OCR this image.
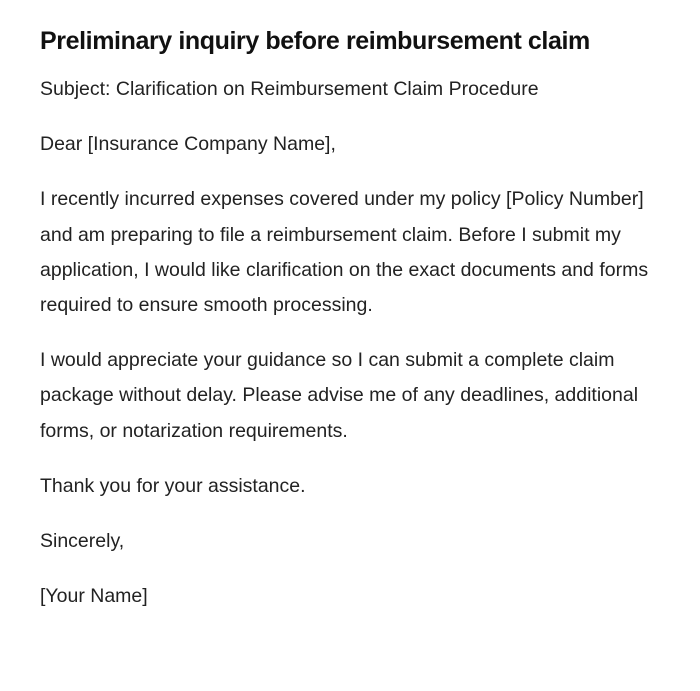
Preliminary inquiry before reimbursement claim

Subject: Clarification on Reimbursement Claim Procedure

Dear [Insurance Company Name],

I recently incurred expenses covered under my policy [Policy Number] and am preparing to file a reimbursement claim. Before I submit my application, I would like clarification on the exact documents and forms required to ensure smooth processing.

I would appreciate your guidance so I can submit a complete claim package without delay. Please advise me of any deadlines, additional forms, or notarization requirements.

Thank you for your assistance.

Sincerely,

[Your Name]
